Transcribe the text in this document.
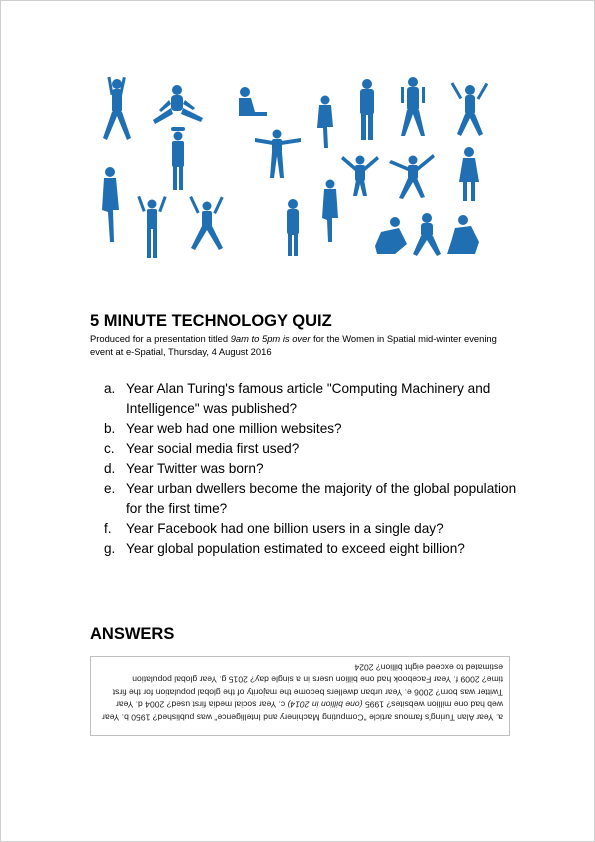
5 MINUTE TECHNOLOGY QUIZ
Produced for a presentation titled 9am to 5pm is over for the Women in Spatial mid-winter evening event at e-Spatial, Thursday, 4 August 2016
a. Year Alan Turing's famous article "Computing Machinery and Intelligence" was published?
b. Year web had one million websites?
c. Year social media first used?
d. Year Twitter was born?
e. Year urban dwellers become the majority of the global population for the first time?
f. Year Facebook had one billion users in a single day?
g. Year global population estimated to exceed eight billion?
ANSWERS
a. Year Alan Turing's famous article "Computing Machinery and Intelligence" was published? 1950 b. Year web had one million websites? 1995 (one billion in 2014) c. Year social media first used? 2004 d. Year Twitter was born? 2006 e. Year urban dwellers become the majority of the global population for the first time? 2009 f. Year Facebook had one billion users in a single day? 2015 g. Year global population estimated to exceed eight billion? 2024
